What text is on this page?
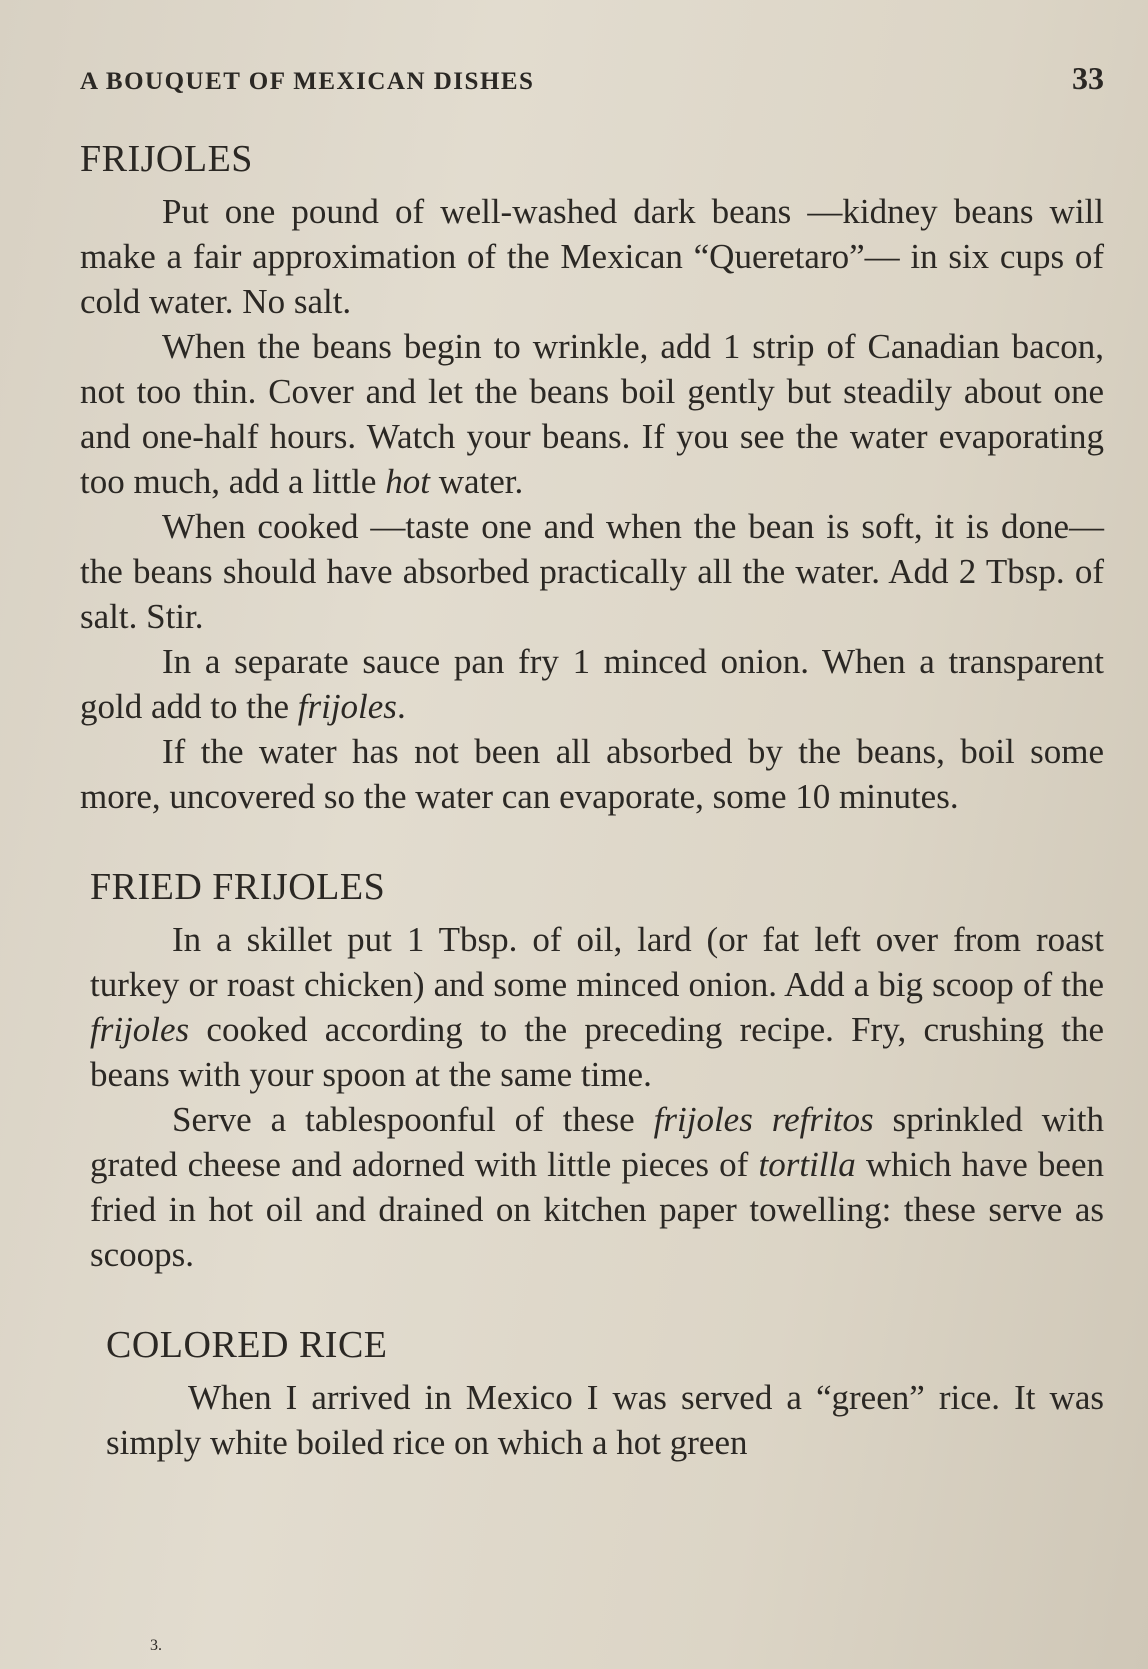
A BOUQUET OF MEXICAN DISHES	33
FRIJOLES

Put one pound of well-washed dark beans —kidney beans will make a fair approximation of the Mexican “Queretaro”— in six cups of cold water. No salt.

When the beans begin to wrinkle, add 1 strip of Canadian bacon, not too thin. Cover and let the beans boil gently but steadily about one and one-half hours. Watch your beans. If you see the water evaporating too much, add a little hot water.

When cooked —taste one and when the bean is soft, it is done— the beans should have absorbed practically all the water. Add 2 Tbsp. of salt. Stir.

In a separate sauce pan fry 1 minced onion. When a transparent gold add to the frijoles.

If the water has not been all absorbed by the beans, boil some more, uncovered so the water can evaporate, some 10 minutes.

FRIED FRIJOLES

In a skillet put 1 Tbsp. of oil, lard (or fat left over from roast turkey or roast chicken) and some minced onion. Add a big scoop of the frijoles cooked according to the preceding recipe. Fry, crushing the beans with your spoon at the same time.

Serve a tablespoonful of these frijoles refritos sprinkled with grated cheese and adorned with little pieces of tortilla which have been fried in hot oil and drained on kitchen paper towelling: these serve as scoops.

COLORED RICE

When I arrived in Mexico I was served a “green” rice. It was simply white boiled rice on which a hot green

3.
